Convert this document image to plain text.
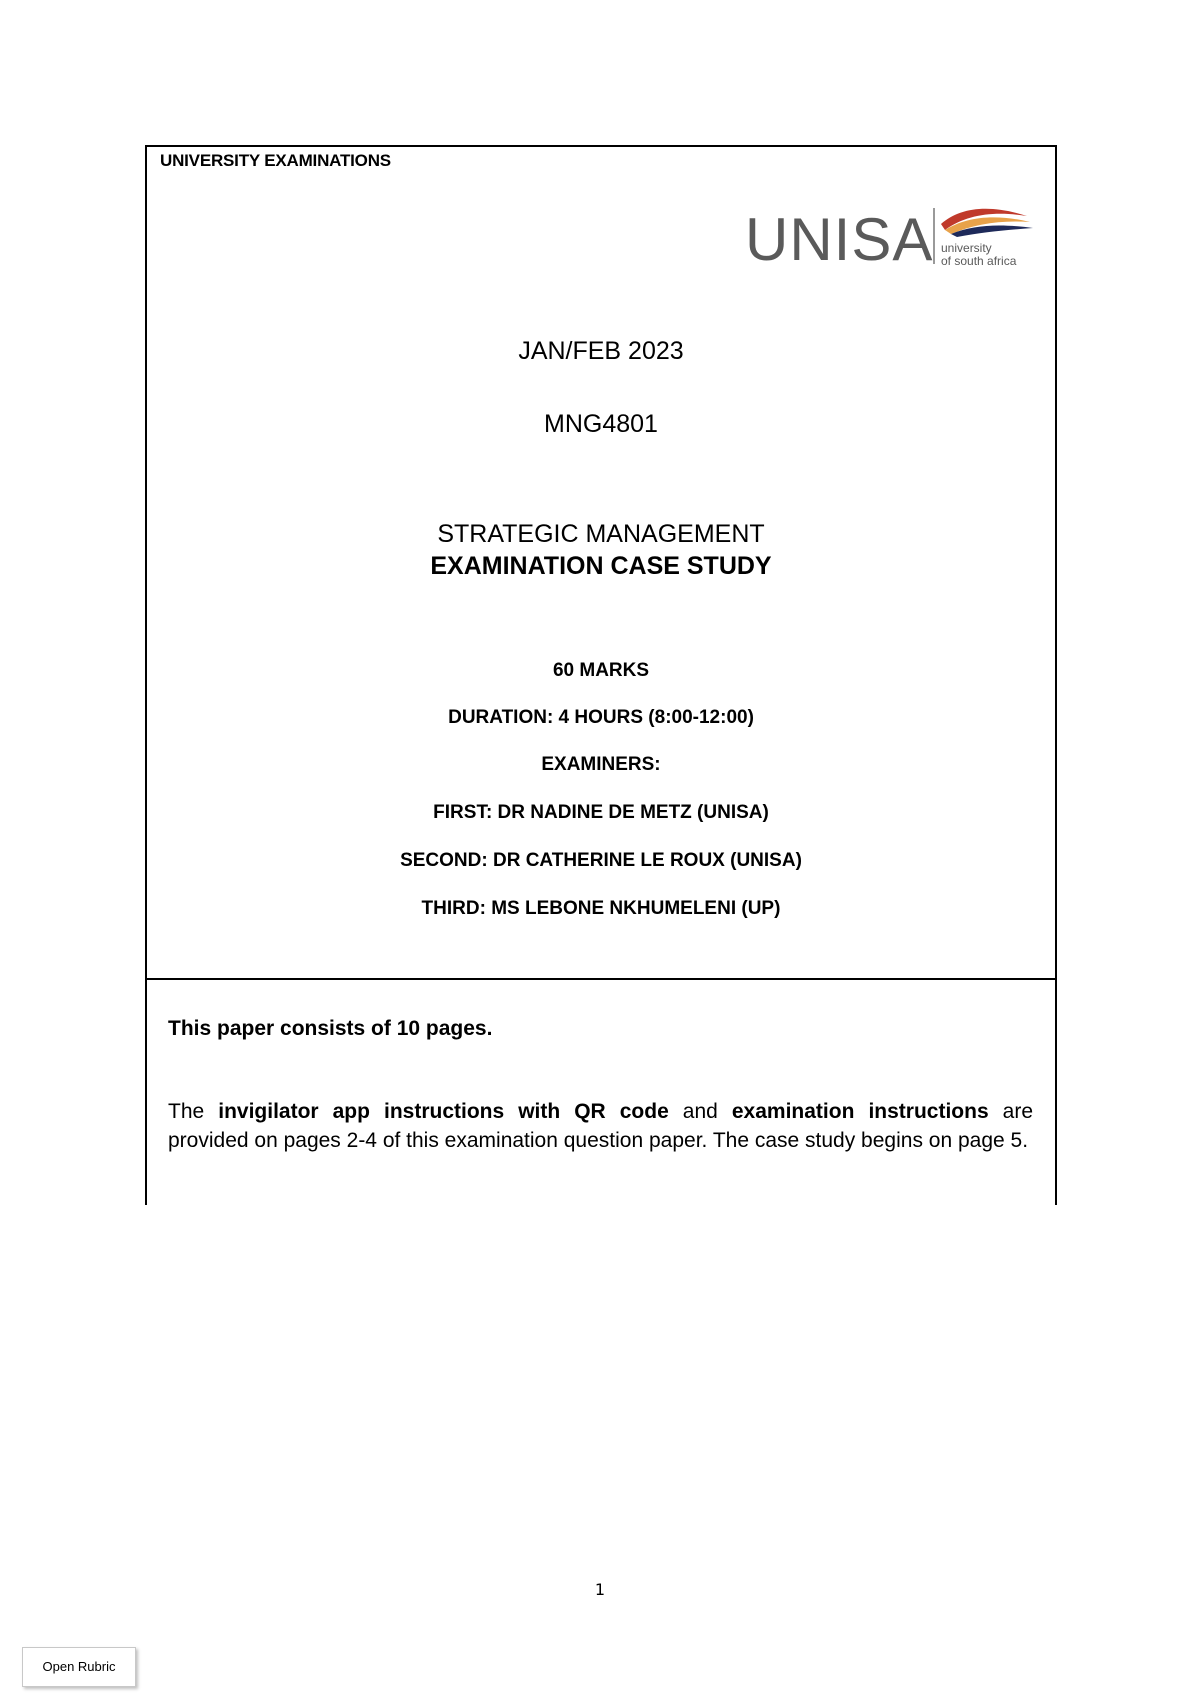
UNIVERSITY EXAMINATIONS
UNISA university
of south africa
JAN/FEB 2023
MNG4801
STRATEGIC MANAGEMENT
EXAMINATION CASE STUDY
60 MARKS
DURATION: 4 HOURS (8:00-12:00)
EXAMINERS:
FIRST: DR NADINE DE METZ (UNISA)
SECOND: DR CATHERINE LE ROUX (UNISA)
THIRD: MS LEBONE NKHUMELENI (UP)
This paper consists of 10 pages.
The invigilator app instructions with QR code and examination instructions are provided on pages 2-4 of this examination question paper. The case study begins on page 5.
1
Open Rubric
